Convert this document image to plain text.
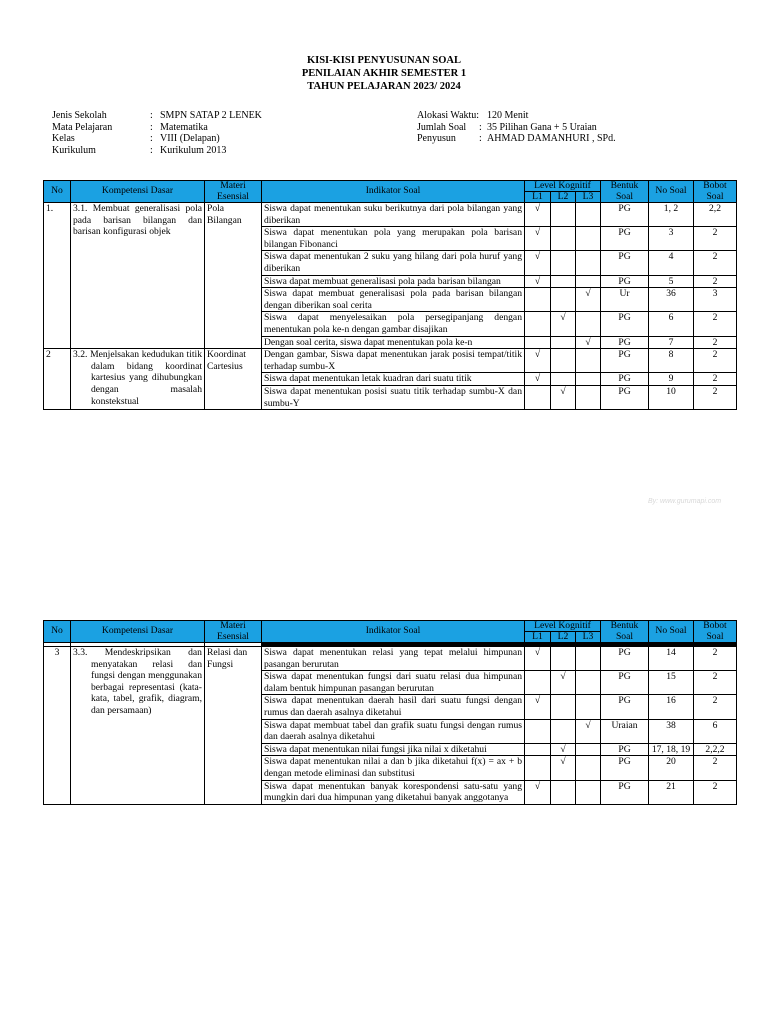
KISI-KISI PENYUSUNAN SOAL
PENILAIAN AKHIR SEMESTER 1
TAHUN PELAJARAN 2023/ 2024
Jenis Sekolah	: SMPN SATAP 2 LENEK
Mata Pelajaran	: Matematika
Kelas	: VIII (Delapan)
Kurikulum	: Kurikulum 2013
Alokasi Waktu: 120 Menit
Jumlah Soal	: 35 Pilihan Gana + 5 Uraian
Penyusun	: AHMAD DAMANHURI , SPd.
No	Kompetensi Dasar	Materi Esensial	Indikator Soal	Level Kognitif			Bentuk Soal	No Soal	Bobot Soal
				L1	L2	L3			
1.	3.1. Membuat generalisasi pola pada barisan bilangan dan barisan konfigurasi objek	Pola Bilangan	Siswa dapat menentukan suku berikutnya dari pola bilangan yang diberikan	√			PG	1, 2	2,2
			Siswa dapat menentukan pola yang merupakan pola barisan bilangan Fibonanci	√			PG	3	2
			Siswa dapat menentukan 2 suku yang hilang dari pola huruf yang diberikan	√			PG	4	2
			Siswa dapat membuat generalisasi pola pada barisan bilangan	√			PG	5	2
			Siswa dapat membuat generalisasi pola pada barisan bilangan dengan diberikan soal cerita			√	Ur	36	3
			Siswa dapat menyelesaikan pola persegipanjang dengan menentukan pola ke-n dengan gambar disajikan		√		PG	6	2
			Dengan soal cerita, siswa dapat menentukan pola ke-n			√	PG	7	2
2	3.2. Menjelsakan kedudukan titik dalam bidang koordinat kartesius yang dihubungkan dengan masalah konstekstual	Koordinat Cartesius	Dengan gambar, Siswa dapat menentukan jarak posisi tempat/titik terhadap sumbu-X	√			PG	8	2
			Siswa dapat menentukan letak kuadran dari suatu titik	√			PG	9	2
			Siswa dapat menentukan posisi suatu titik terhadap sumbu-X dan sumbu-Y		√		PG	10	2
By: www.gurumapi.com
No	Kompetensi Dasar	Materi Esensial	Indikator Soal	Level Kognitif			Bentuk Soal	No Soal	Bobot Soal
				L1	L2	L3			

3	3.3. Mendeskripsikan dan menyatakan relasi dan fungsi dengan menggunakan berbagai representasi (kata-kata, tabel, grafik, diagram, dan persamaan)	Relasi dan Fungsi	Siswa dapat menentukan relasi yang tepat melalui himpunan pasangan berurutan	√			PG	14	2
			Siswa dapat menentukan fungsi dari suatu relasi dua himpunan dalam bentuk himpunan pasangan berurutan		√		PG	15	2
			Siswa dapat menentukan daerah hasil dari suatu fungsi dengan rumus dan daerah asalnya diketahui	√			PG	16	2
			Siswa dapat membuat tabel dan grafik suatu fungsi dengan rumus dan daerah asalnya diketahui			√	Uraian	38	6
			Siswa dapat menentukan nilai fungsi jika nilai x diketahui		√		PG	17, 18, 19	2,2,2
			Siswa dapat menentukan nilai a dan b jika diketahui f(x) = ax + b dengan metode eliminasi dan substitusi		√		PG	20	2
			Siswa dapat menentukan banyak korespondensi satu-satu yang mungkin dari dua himpunan yang diketahui banyak anggotanya	√			PG	21	2
